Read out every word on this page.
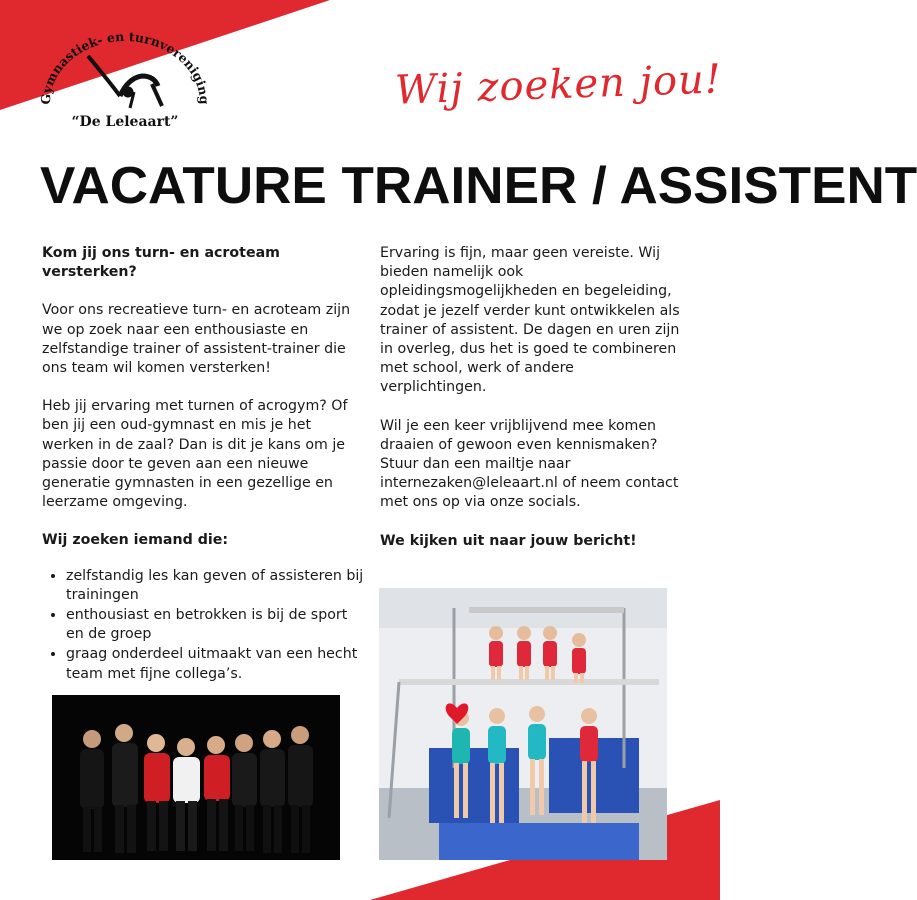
Gymnastiek- en turnvereniging
“De Leleaart”
Wij zoeken jou!
VACATURE TRAINER / ASSISTENT

Kom jij ons turn- en acroteam versterken?

Voor ons recreatieve turn- en acroteam zijn we op zoek naar een enthousiaste en zelfstandige trainer of assistent-trainer die ons team wil komen versterken!

Heb jij ervaring met turnen of acrogym? Of ben jij een oud-gymnast en mis je het werken in de zaal? Dan is dit je kans om je passie door te geven aan een nieuwe generatie gymnasten in een gezellige en leerzame omgeving.

Wij zoeken iemand die:

• zelfstandig les kan geven of assisteren bij trainingen
• enthousiast en betrokken is bij de sport en de groep
• graag onderdeel uitmaakt van een hecht team met fijne collega’s.

Ervaring is fijn, maar geen vereiste. Wij bieden namelijk ook opleidingsmogelijkheden en begeleiding, zodat je jezelf verder kunt ontwikkelen als trainer of assistent. De dagen en uren zijn in overleg, dus het is goed te combineren met school, werk of andere verplichtingen.

Wil je een keer vrijblijvend mee komen draaien of gewoon even kennismaken? Stuur dan een mailtje naar internezaken@leleaart.nl of neem contact met ons op via onze socials.

We kijken uit naar jouw bericht!
